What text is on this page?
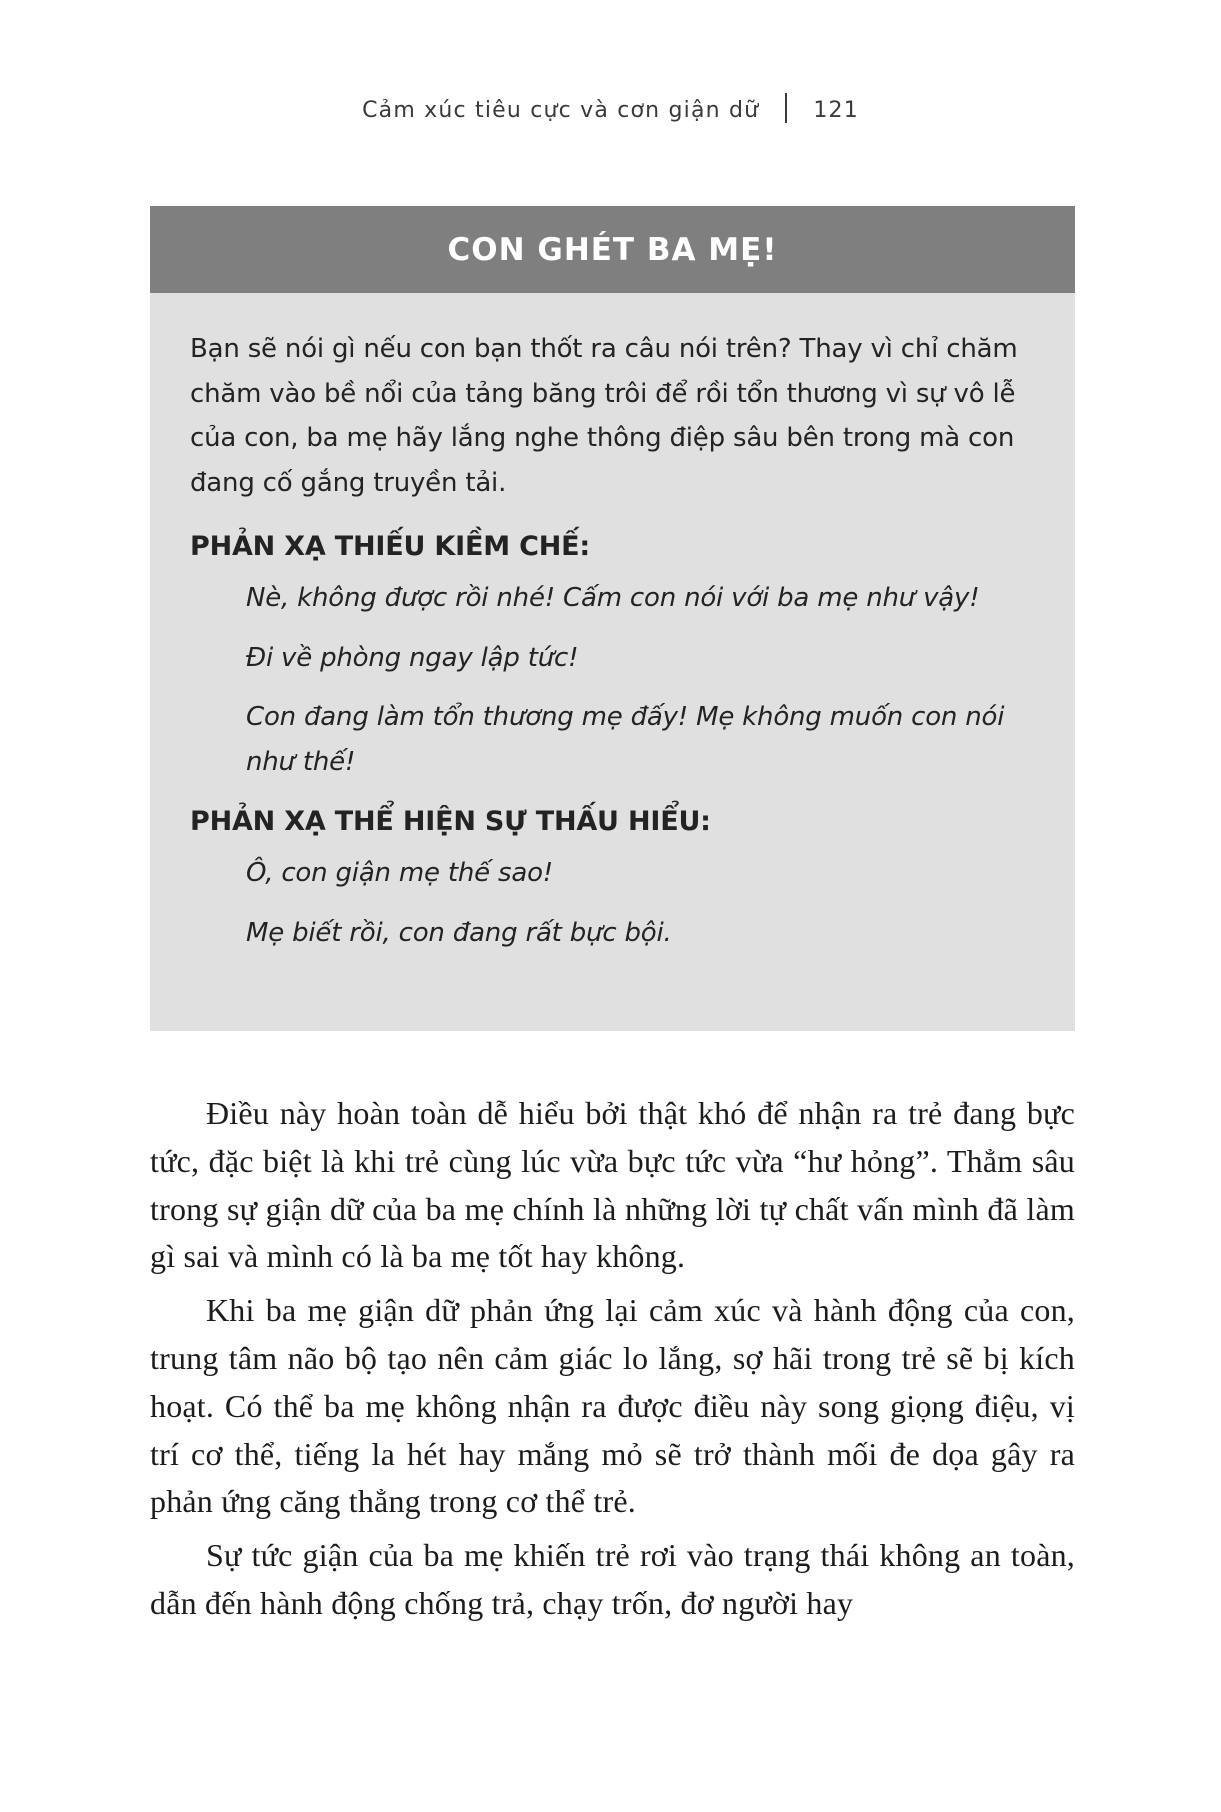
Cảm xúc tiêu cực và cơn giận dữ 121
CON GHÉT BA MẸ!

Bạn sẽ nói gì nếu con bạn thốt ra câu nói trên? Thay vì chỉ chăm chăm vào bề nổi của tảng băng trôi để rồi tổn thương vì sự vô lễ của con, ba mẹ hãy lắng nghe thông điệp sâu bên trong mà con đang cố gắng truyền tải.

PHẢN XẠ THIẾU KIỀM CHẾ:

Nè, không được rồi nhé! Cấm con nói với ba mẹ như vậy!

Đi về phòng ngay lập tức!

Con đang làm tổn thương mẹ đấy! Mẹ không muốn con nói như thế!

PHẢN XẠ THỂ HIỆN SỰ THẤU HIỂU:

Ô, con giận mẹ thế sao!

Mẹ biết rồi, con đang rất bực bội.

Điều này hoàn toàn dễ hiểu bởi thật khó để nhận ra trẻ đang bực tức, đặc biệt là khi trẻ cùng lúc vừa bực tức vừa “hư hỏng”. Thẳm sâu trong sự giận dữ của ba mẹ chính là những lời tự chất vấn mình đã làm gì sai và mình có là ba mẹ tốt hay không.

Khi ba mẹ giận dữ phản ứng lại cảm xúc và hành động của con, trung tâm não bộ tạo nên cảm giác lo lắng, sợ hãi trong trẻ sẽ bị kích hoạt. Có thể ba mẹ không nhận ra được điều này song giọng điệu, vị trí cơ thể, tiếng la hét hay mắng mỏ sẽ trở thành mối đe dọa gây ra phản ứng căng thẳng trong cơ thể trẻ.

Sự tức giận của ba mẹ khiến trẻ rơi vào trạng thái không an toàn, dẫn đến hành động chống trả, chạy trốn, đơ người hay
